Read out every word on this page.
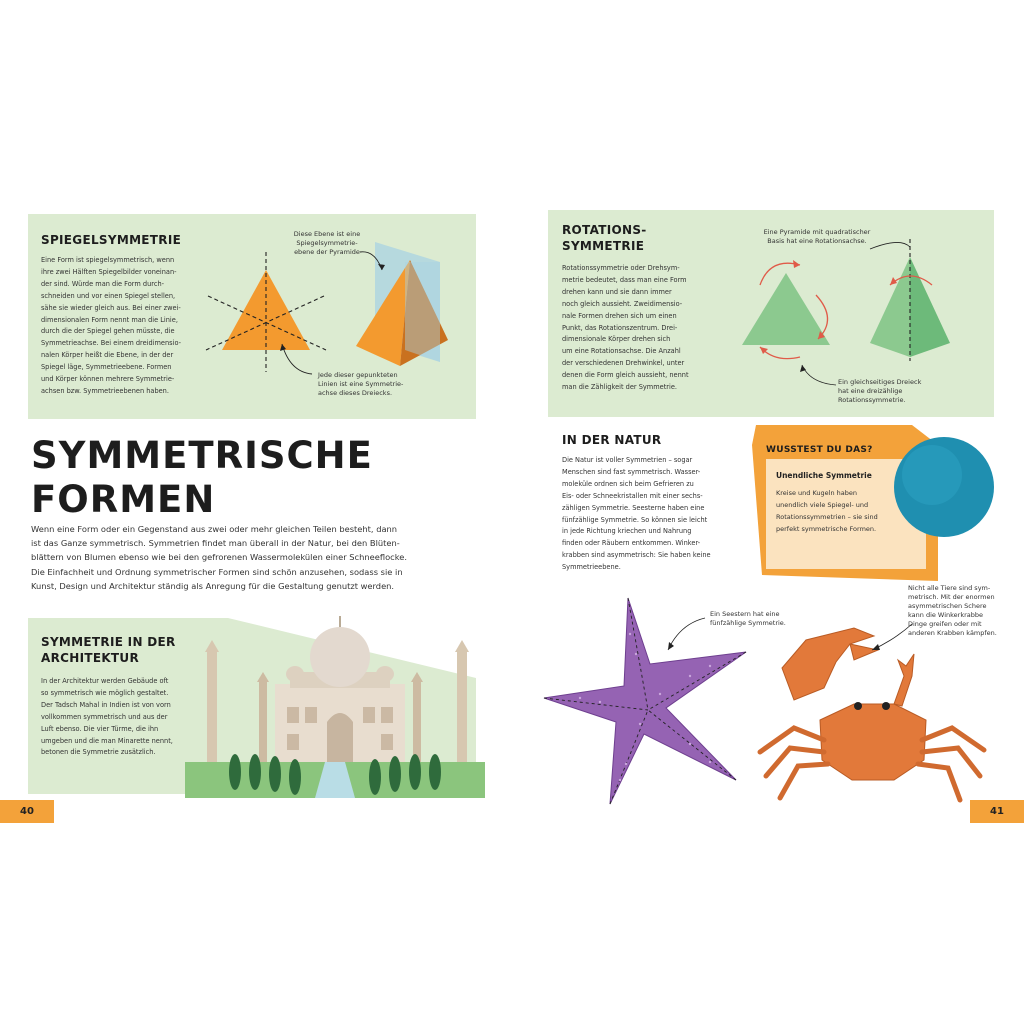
SPIEGELSYMMETRIE
Eine Form ist spiegelsymmetrisch, wenn
ihre zwei Hälften Spiegelbilder voneinan-
der sind. Würde man die Form durch-
schneiden und vor einen Spiegel stellen,
sähe sie wieder gleich aus. Bei einer zwei-
dimensionalen Form nennt man die Linie,
durch die der Spiegel gehen müsste, die
Symmetrieachse. Bei einem dreidimensio-
nalen Körper heißt die Ebene, in der der
Spiegel läge, Symmetrieebene. Formen
und Körper können mehrere Symmetrie-
achsen bzw. Symmetrieebenen haben.
Diese Ebene ist eine
Spiegelsymmetrie-
ebene der Pyramide
Jede dieser gepunkteten
Linien ist eine Symmetrie-
achse dieses Dreiecks.
SYMMETRISCHE
FORMEN
Wenn eine Form oder ein Gegenstand aus zwei oder mehr gleichen Teilen besteht, dann
ist das Ganze symmetrisch. Symmetrien findet man überall in der Natur, bei den Blüten-
blättern von Blumen ebenso wie bei den gefrorenen Wassermolekülen einer Schneeflocke.
Die Einfachheit und Ordnung symmetrischer Formen sind schön anzusehen, sodass sie in
Kunst, Design und Architektur ständig als Anregung für die Gestaltung genutzt werden.
SYMMETRIE IN DER
ARCHITEKTUR
In der Architektur werden Gebäude oft
so symmetrisch wie möglich gestaltet.
Der Tadsch Mahal in Indien ist von vorn
vollkommen symmetrisch und aus der
Luft ebenso. Die vier Türme, die ihn
umgeben und die man Minarette nennt,
betonen die Symmetrie zusätzlich.
40
ROTATIONS-
SYMMETRIE
Rotationssymmetrie oder Drehsym-
metrie bedeutet, dass man eine Form
drehen kann und sie dann immer
noch gleich aussieht. Zweidimensio-
nale Formen drehen sich um einen
Punkt, das Rotationszentrum. Drei-
dimensionale Körper drehen sich
um eine Rotationsachse. Die Anzahl
der verschiedenen Drehwinkel, unter
denen die Form gleich aussieht, nennt
man die Zähligkeit der Symmetrie.
Eine Pyramide mit quadratischer
Basis hat eine Rotationsachse.
Ein gleichseitiges Dreieck
hat eine dreizählige
Rotationssymmetrie.
IN DER NATUR
Die Natur ist voller Symmetrien – sogar
Menschen sind fast symmetrisch. Wasser-
moleküle ordnen sich beim Gefrieren zu
Eis- oder Schneekristallen mit einer sechs-
zähligen Symmetrie. Seesterne haben eine
fünfzählige Symmetrie. So können sie leicht
in jede Richtung kriechen und Nahrung
finden oder Räubern entkommen. Winker-
krabben sind asymmetrisch: Sie haben keine
Symmetrieebene.
WUSSTEST DU DAS?
Unendliche Symmetrie
Kreise und Kugeln haben
unendlich viele Spiegel- und
Rotationssymmetrien – sie sind
perfekt symmetrische Formen.
Ein Seestern hat eine
fünfzählige Symmetrie.
Nicht alle Tiere sind sym-
metrisch. Mit der enormen
asymmetrischen Schere
kann die Winkerkrabbe
Dinge greifen oder mit
anderen Krabben kämpfen.
41
